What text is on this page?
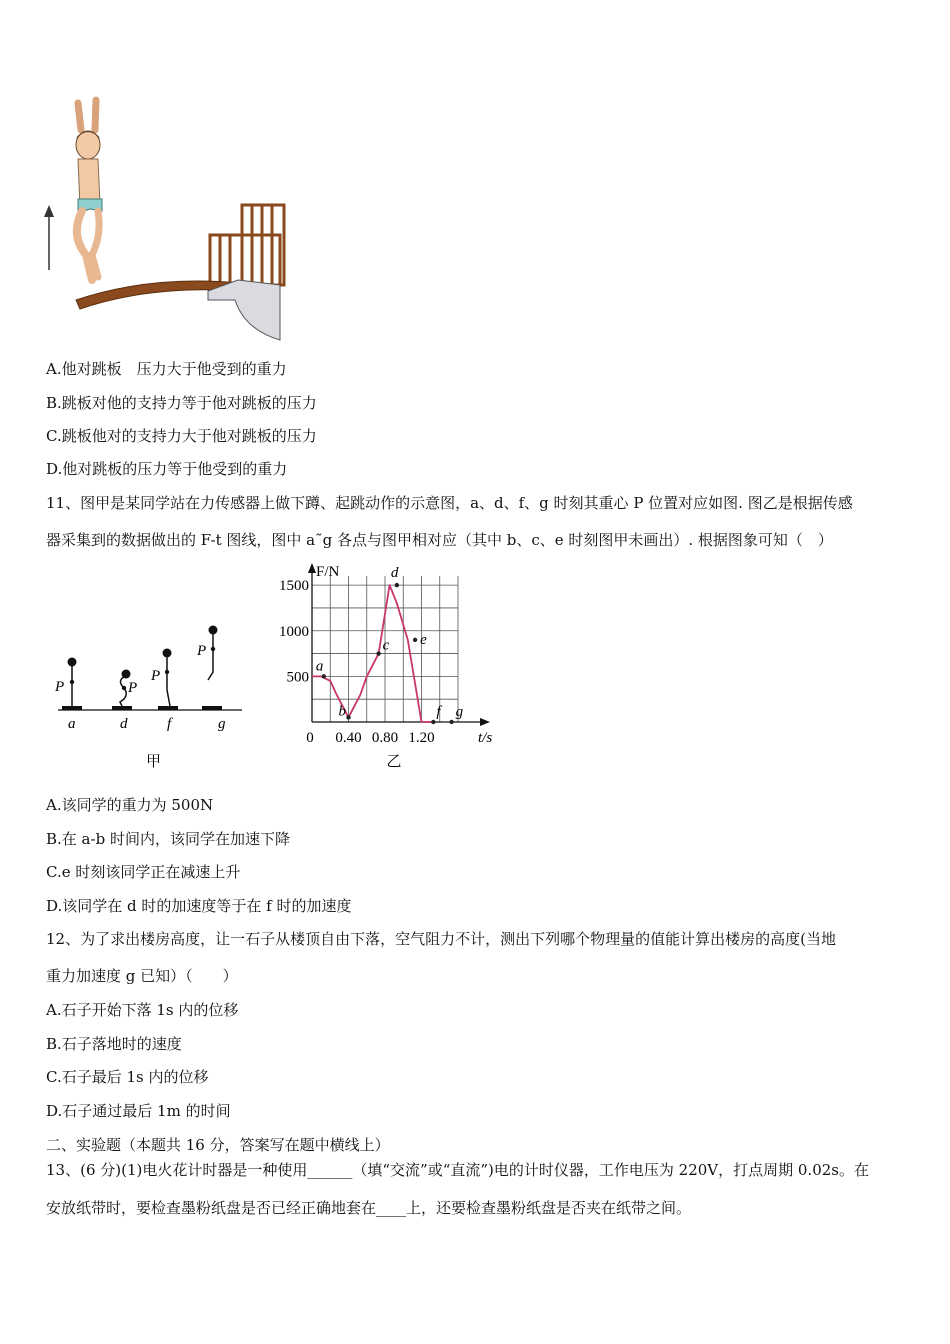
A.他对跳板　压力大于他受到的重力
B.跳板对他的支持力等于他对跳板的压力
C.跳板他对的支持力大于他对跳板的压力
D.他对跳板的压力等于他受到的重力
11、图甲是某同学站在力传感器上做下蹲、起跳动作的示意图，a、d、f、g 时刻其重心 P 位置对应如图. 图乙是根据传感
器采集到的数据做出的 F-t 图线，图中 a˜g 各点与图甲相对应（其中 b、c、e 时刻图甲未画出）. 根据图象可知（　）
P	P
P
P
a	d	f	g
甲
500
1000
1500
0.40 0.80 1.20
0
F/N
t/s
a
b
c
d
e
f g
乙
A.该同学的重力为 500N
B.在 a-b 时间内，该同学在加速下降
C.e 时刻该同学正在减速上升
D.该同学在 d 时的加速度等于在 f 时的加速度
12、为了求出楼房高度，让一石子从楼顶自由下落，空气阻力不计，测出下列哪个物理量的值能计算出楼房的高度(当地
重力加速度 g 已知）（　　）
A.石子开始下落 1s 内的位移
B.石子落地时的速度
C.石子最后 1s 内的位移
D.石子通过最后 1m 的时间
二、实验题（本题共 16 分，答案写在题中横线上）
13、(6 分)(1)电火花计时器是一种使用______（填“交流”或“直流”)电的计时仪器，工作电压为 220V，打点周期 0.02s。在
安放纸带时，要检查墨粉纸盘是否已经正确地套在____上，还要检查墨粉纸盘是否夹在纸带之间。
